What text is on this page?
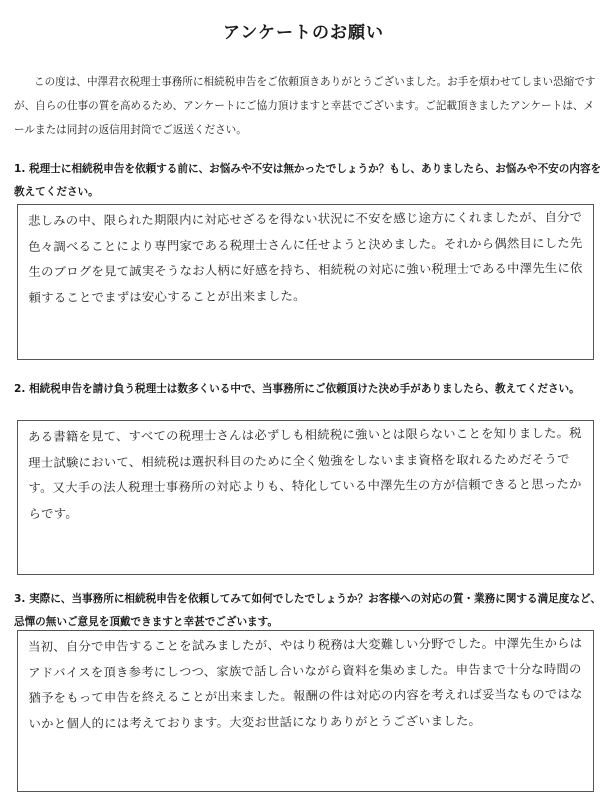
アンケートのお願い
この度は、中澤君衣税理士事務所に相続税申告をご依頼頂きありがとうございました。お手を煩わせてしまい恐縮ですが、自らの仕事の質を高めるため、アンケートにご協力頂けますと幸甚でございます。ご記載頂きましたアンケートは、メールまたは同封の返信用封筒でご返送ください。
1. 税理士に相続税申告を依頼する前に、お悩みや不安は無かったでしょうか？もし、ありましたら、お悩みや不安の内容を教えてください。
悲しみの中、限られた期限内に対応せざるを得ない状況に不安を感じ途方にくれましたが、自分で色々調べることにより専門家である税理士さんに任せようと決めました。それから偶然目にした先生のブログを見て誠実そうなお人柄に好感を持ち、相続税の対応に強い税理士である中澤先生に依頼することでまずは安心することが出来ました。
2. 相続税申告を請け負う税理士は数多くいる中で、当事務所にご依頼頂けた決め手がありましたら、教えてください。
ある書籍を見て、すべての税理士さんは必ずしも相続税に強いとは限らないことを知りました。税理士試験において、相続税は選択科目のために全く勉強をしないまま資格を取れるためだそうです。又大手の法人税理士事務所の対応よりも、特化している中澤先生の方が信頼できると思ったからです。
3. 実際に、当事務所に相続税申告を依頼してみて如何でしたでしょうか？お客様への対応の質・業務に関する満足度など、忌憚の無いご意見を頂戴できますと幸甚でございます。
当初、自分で申告することを試みましたが、やはり税務は大変難しい分野でした。中澤先生からはアドバイスを頂き参考にしつつ、家族で話し合いながら資料を集めました。申告まで十分な時間の猶予をもって申告を終えることが出来ました。報酬の件は対応の内容を考えれば妥当なものではないかと個人的には考えております。大変お世話になりありがとうございました。
